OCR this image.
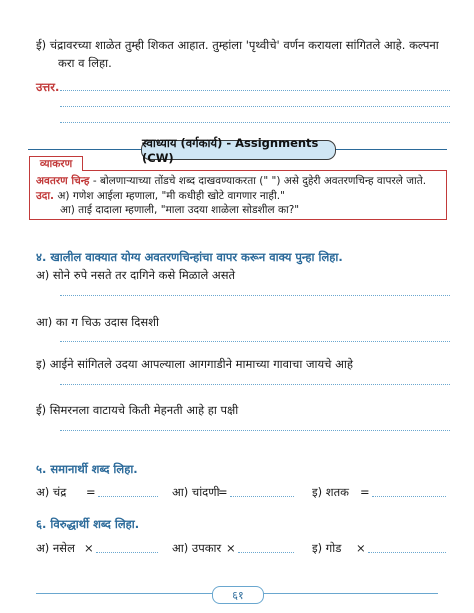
ई) चंद्रावरच्या शाळेत तुम्ही शिकत आहात. तुम्हांला 'पृथ्वीचे' वर्णन करायला सांगितले आहे. कल्पना
करा व लिहा.
उत्तर.
स्वाध्याय (वर्गकार्य) - Assignments (CW)
अवतरण चिन्ह - बोलणाऱ्याच्या तोंडचे शब्द दाखवण्याकरता (" ") असे दुहेरी अवतरणचिन्ह वापरले जाते.
उदा. अ) गणेश आईला म्हणाला, "मी कधीही खोटे वागणार नाही."
आ) ताई दादाला म्हणाली, "माला उदया शाळेला सोडशील का?"
व्याकरण
४. खालील वाक्यात योग्य अवतरणचिन्हांचा वापर करून वाक्य पुन्हा लिहा.
अ) सोने रुपे नसते तर दागिने कसे मिळाले असते
आ) का ग चिऊ उदास दिसशी
इ) आईने सांगितले उदया आपल्याला आगगाडीने मामाच्या गावाचा जायचे आहे
ई) सिमरनला वाटायचे किती मेहनती आहे हा पक्षी
५. समानार्थी शब्द लिहा.
अ) चंद्र =	आ) चांदणी
=	इ) शतक =
६. विरुद्धार्थी शब्द लिहा.
अ) नसेल ×	आ) उपकार ×	इ) गोड ×
६१
